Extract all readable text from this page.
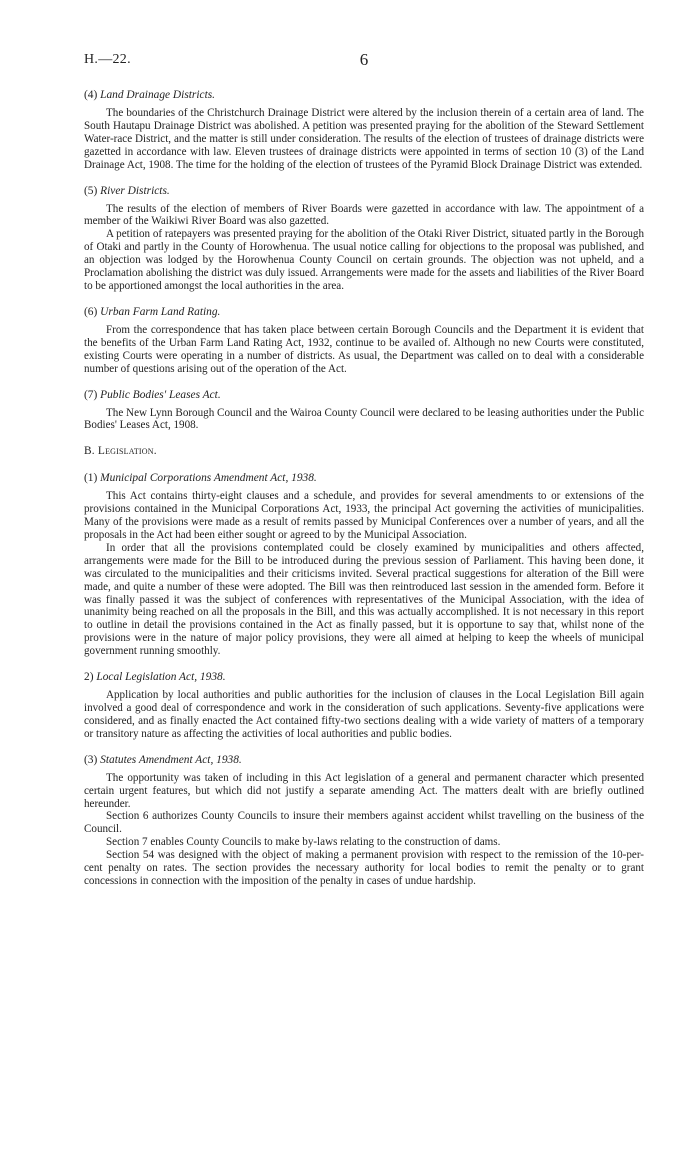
H.—22.	6
(4) Land Drainage Districts.

The boundaries of the Christchurch Drainage District were altered by the inclusion therein of a certain area of land. The South Hautapu Drainage District was abolished. A petition was presented praying for the abolition of the Steward Settlement Water-race District, and the matter is still under consideration. The results of the election of trustees of drainage districts were gazetted in accordance with law. Eleven trustees of drainage districts were appointed in terms of section 10 (3) of the Land Drainage Act, 1908. The time for the holding of the election of trustees of the Pyramid Block Drainage District was extended.

(5) River Districts.

The results of the election of members of River Boards were gazetted in accordance with law. The appointment of a member of the Waikiwi River Board was also gazetted.

A petition of ratepayers was presented praying for the abolition of the Otaki River District, situated partly in the Borough of Otaki and partly in the County of Horowhenua. The usual notice calling for objections to the proposal was published, and an objection was lodged by the Horowhenua County Council on certain grounds. The objection was not upheld, and a Proclamation abolishing the district was duly issued. Arrangements were made for the assets and liabilities of the River Board to be apportioned amongst the local authorities in the area.

(6) Urban Farm Land Rating.

From the correspondence that has taken place between certain Borough Councils and the Department it is evident that the benefits of the Urban Farm Land Rating Act, 1932, continue to be availed of. Although no new Courts were constituted, existing Courts were operating in a number of districts. As usual, the Department was called on to deal with a considerable number of questions arising out of the operation of the Act.

(7) Public Bodies' Leases Act.

The New Lynn Borough Council and the Wairoa County Council were declared to be leasing authorities under the Public Bodies' Leases Act, 1908.

B. Legislation.
(1) Municipal Corporations Amendment Act, 1938.

This Act contains thirty-eight clauses and a schedule, and provides for several amendments to or extensions of the provisions contained in the Municipal Corporations Act, 1933, the principal Act governing the activities of municipalities. Many of the provisions were made as a result of remits passed by Municipal Conferences over a number of years, and all the proposals in the Act had been either sought or agreed to by the Municipal Association.

In order that all the provisions contemplated could be closely examined by municipalities and others affected, arrangements were made for the Bill to be introduced during the previous session of Parliament. This having been done, it was circulated to the municipalities and their criticisms invited. Several practical suggestions for alteration of the Bill were made, and quite a number of these were adopted. The Bill was then reintroduced last session in the amended form. Before it was finally passed it was the subject of conferences with representatives of the Municipal Association, with the idea of unanimity being reached on all the proposals in the Bill, and this was actually accomplished. It is not necessary in this report to outline in detail the provisions contained in the Act as finally passed, but it is opportune to say that, whilst none of the provisions were in the nature of major policy provisions, they were all aimed at helping to keep the wheels of municipal government running smoothly.

2) Local Legislation Act, 1938.

Application by local authorities and public authorities for the inclusion of clauses in the Local Legislation Bill again involved a good deal of correspondence and work in the consideration of such applications. Seventy-five applications were considered, and as finally enacted the Act contained fifty-two sections dealing with a wide variety of matters of a temporary or transitory nature as affecting the activities of local authorities and public bodies.

(3) Statutes Amendment Act, 1938.

The opportunity was taken of including in this Act legislation of a general and permanent character which presented certain urgent features, but which did not justify a separate amending Act. The matters dealt with are briefly outlined hereunder.

Section 6 authorizes County Councils to insure their members against accident whilst travelling on the business of the Council.

Section 7 enables County Councils to make by-laws relating to the construction of dams.

Section 54 was designed with the object of making a permanent provision with respect to the remission of the 10-per-cent penalty on rates. The section provides the necessary authority for local bodies to remit the penalty or to grant concessions in connection with the imposition of the penalty in cases of undue hardship.
